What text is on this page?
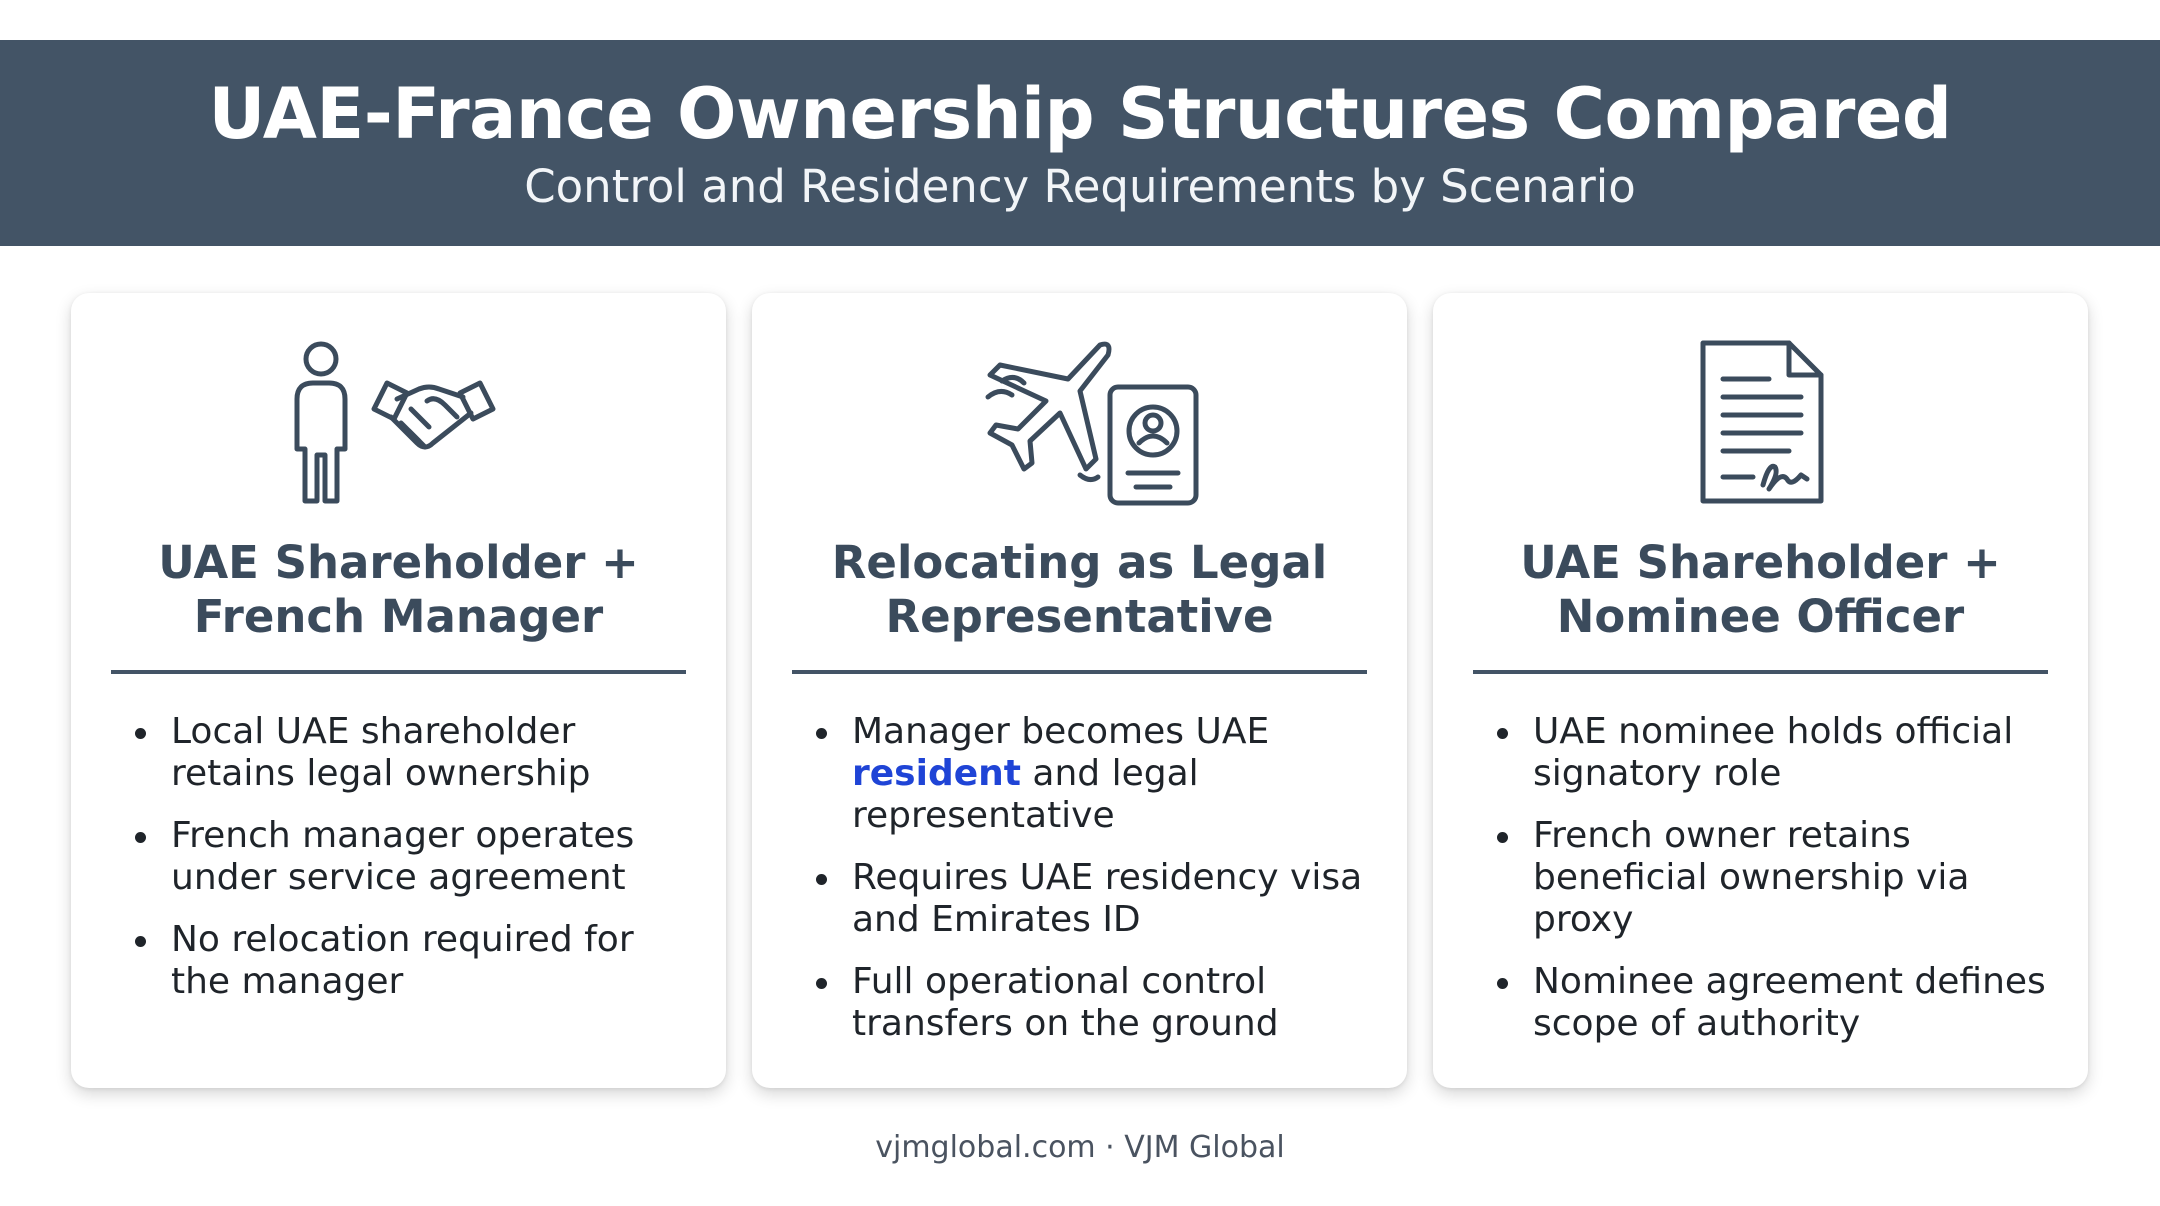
UAE-France Ownership Structures Compared
Control and Residency Requirements by Scenario
UAE Shareholder +
French Manager
Local UAE shareholder
retains legal ownership
French manager operates
under service agreement
No relocation required for
the manager
Relocating as Legal
Representative
Manager becomes UAE
resident and legal
representative
Requires UAE residency visa
and Emirates ID
Full operational control
transfers on the ground
UAE Shareholder +
Nominee Officer
UAE nominee holds official
signatory role
French owner retains
beneficial ownership via proxy
Nominee agreement defines
scope of authority
vjmglobal.com · VJM Global
